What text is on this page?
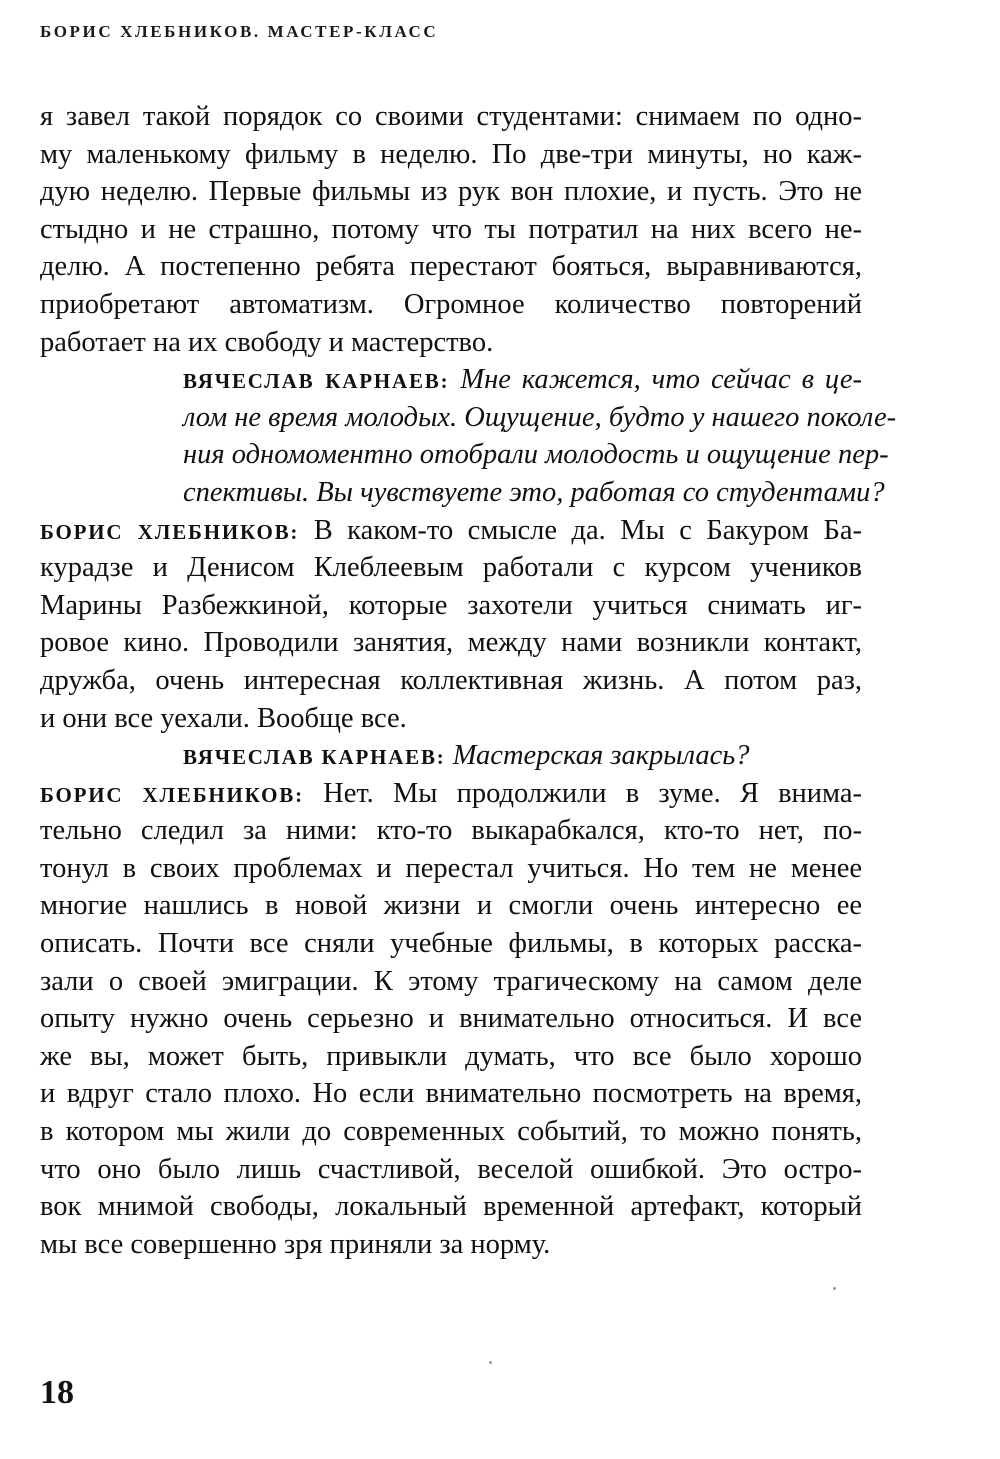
БОРИС ХЛЕБНИКОВ. МАСТЕР-КЛАСС
я завел такой порядок со своими студентами: снимаем по одно-
му маленькому фильму в неделю. По две-три минуты, но каж-
дую неделю. Первые фильмы из рук вон плохие, и пусть. Это не
стыдно и не страшно, потому что ты потратил на них всего не-
делю. А постепенно ребята перестают бояться, выравниваются,
приобретают автоматизм. Огромное количество повторений
работает на их свободу и мастерство.
ВЯЧЕСЛАВ КАРНАЕВ: Мне кажется, что сейчас в це-
лом не время молодых. Ощущение, будто у нашего поколе-
ния одномоментно отобрали молодость и ощущение пер-
спективы. Вы чувствуете это, работая со студентами?
БОРИС ХЛЕБНИКОВ: В каком-то смысле да. Мы с Бакуром Ба-
курадзе и Денисом Клеблеевым работали с курсом учеников
Марины Разбежкиной, которые захотели учиться снимать иг-
ровое кино. Проводили занятия, между нами возникли контакт,
дружба, очень интересная коллективная жизнь. А потом раз,
и они все уехали. Вообще все.
ВЯЧЕСЛАВ КАРНАЕВ: Мастерская закрылась?
БОРИС ХЛЕБНИКОВ: Нет. Мы продолжили в зуме. Я внима-
тельно следил за ними: кто-то выкарабкался, кто-то нет, по-
тонул в своих проблемах и перестал учиться. Но тем не менее
многие нашлись в новой жизни и смогли очень интересно ее
описать. Почти все сняли учебные фильмы, в которых расска-
зали о своей эмиграции. К этому трагическому на самом деле
опыту нужно очень серьезно и внимательно относиться. И все
же вы, может быть, привыкли думать, что все было хорошо
и вдруг стало плохо. Но если внимательно посмотреть на время,
в котором мы жили до современных событий, то можно понять,
что оно было лишь счастливой, веселой ошибкой. Это остро-
вок мнимой свободы, локальный временной артефакт, который
мы все совершенно зря приняли за норму.
18
